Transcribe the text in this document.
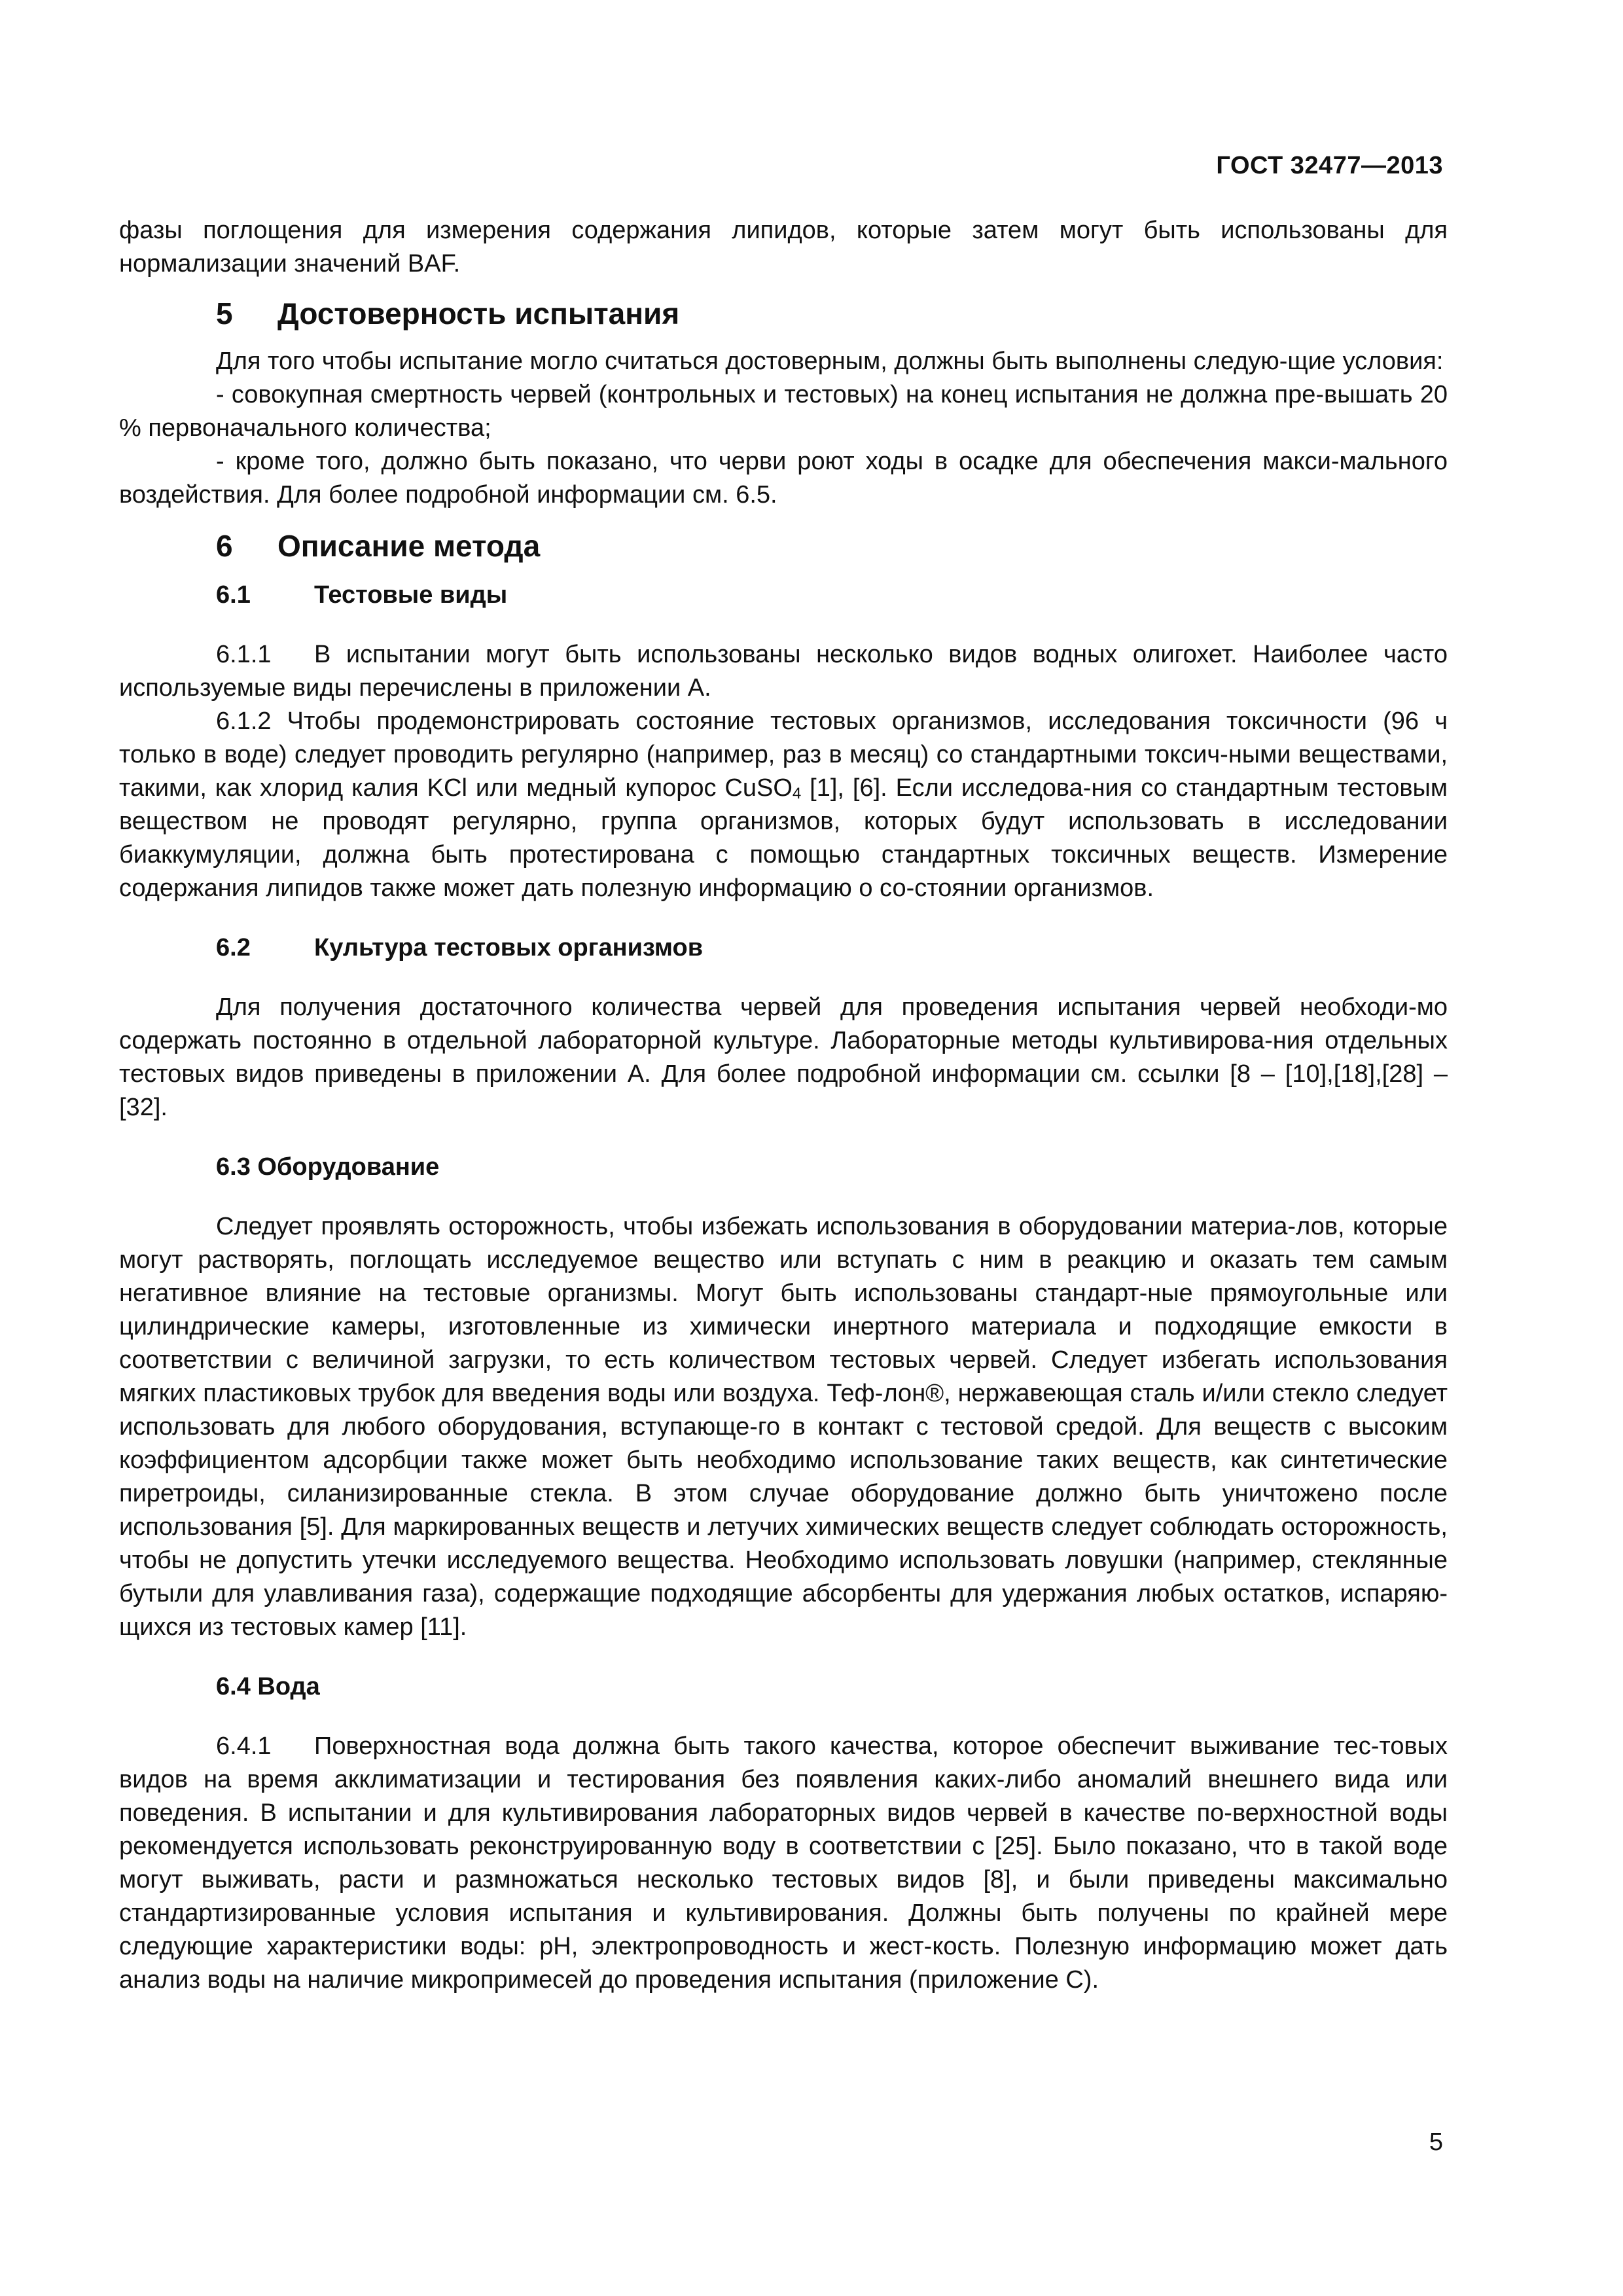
ГОСТ 32477—2013

фазы поглощения для измерения содержания липидов, которые затем могут быть использованы для нормализации значений BAF.

5 Достоверность испытания

Для того чтобы испытание могло считаться достоверным, должны быть выполнены следую-щие условия:

- совокупная смертность червей (контрольных и тестовых) на конец испытания не должна пре-вышать 20 % первоначального количества;

- кроме того, должно быть показано, что черви роют ходы в осадке для обеспечения макси-мального воздействия. Для более подробной информации см. 6.5.

6 Описание метода
6.1	Тестовые виды

6.1.1 В испытании могут быть использованы несколько видов водных олигохет. Наиболее часто используемые виды перечислены в приложении А.

6.1.2 Чтобы продемонстрировать состояние тестовых организмов, исследования токсичности (96 ч только в воде) следует проводить регулярно (например, раз в месяц) со стандартными токсич-ными веществами, такими, как хлорид калия KCl или медный купорос CuSO$_4$ [1], [6]. Если исследова-ния со стандартным тестовым веществом не проводят регулярно, группа организмов, которых будут использовать в исследовании биаккумуляции, должна быть протестирована с помощью стандартных токсичных веществ. Измерение содержания липидов также может дать полезную информацию о со-стоянии организмов.

6.2	Культура тестовых организмов

Для получения достаточного количества червей для проведения испытания червей необходи-мо содержать постоянно в отдельной лабораторной культуре. Лабораторные методы культивирова-ния отдельных тестовых видов приведены в приложении А. Для более подробной информации см. ссылки [8 – [10],[18],[28] – [32].

6.3 Оборудование

Следует проявлять осторожность, чтобы избежать использования в оборудовании материа-лов, которые могут растворять, поглощать исследуемое вещество или вступать с ним в реакцию и оказать тем самым негативное влияние на тестовые организмы. Могут быть использованы стандарт-ные прямоугольные или цилиндрические камеры, изготовленные из химически инертного материала и подходящие емкости в соответствии с величиной загрузки, то есть количеством тестовых червей. Следует избегать использования мягких пластиковых трубок для введения воды или воздуха. Теф-лон®, нержавеющая сталь и/или стекло следует использовать для любого оборудования, вступающе-го в контакт с тестовой средой. Для веществ с высоким коэффициентом адсорбции также может быть необходимо использование таких веществ, как синтетические пиретроиды, силанизированные стекла. В этом случае оборудование должно быть уничтожено после использования [5]. Для маркированных веществ и летучих химических веществ следует соблюдать осторожность, чтобы не допустить утечки исследуемого вещества. Необходимо использовать ловушки (например, стеклянные бутыли для улавливания газа), содержащие подходящие абсорбенты для удержания любых остатков, испаряю-щихся из тестовых камер [11].

6.4 Вода

6.4.1 Поверхностная вода должна быть такого качества, которое обеспечит выживание тес-товых видов на время акклиматизации и тестирования без появления каких-либо аномалий внешнего вида или поведения. В испытании и для культивирования лабораторных видов червей в качестве по-верхностной воды рекомендуется использовать реконструированную воду в соответствии с [25]. Было показано, что в такой воде могут выживать, расти и размножаться несколько тестовых видов [8], и были приведены максимально стандартизированные условия испытания и культивирования. Должны быть получены по крайней мере следующие характеристики воды: pH, электропроводность и жест-кость. Полезную информацию может дать анализ воды на наличие микропримесей до проведения испытания (приложение С).

5
